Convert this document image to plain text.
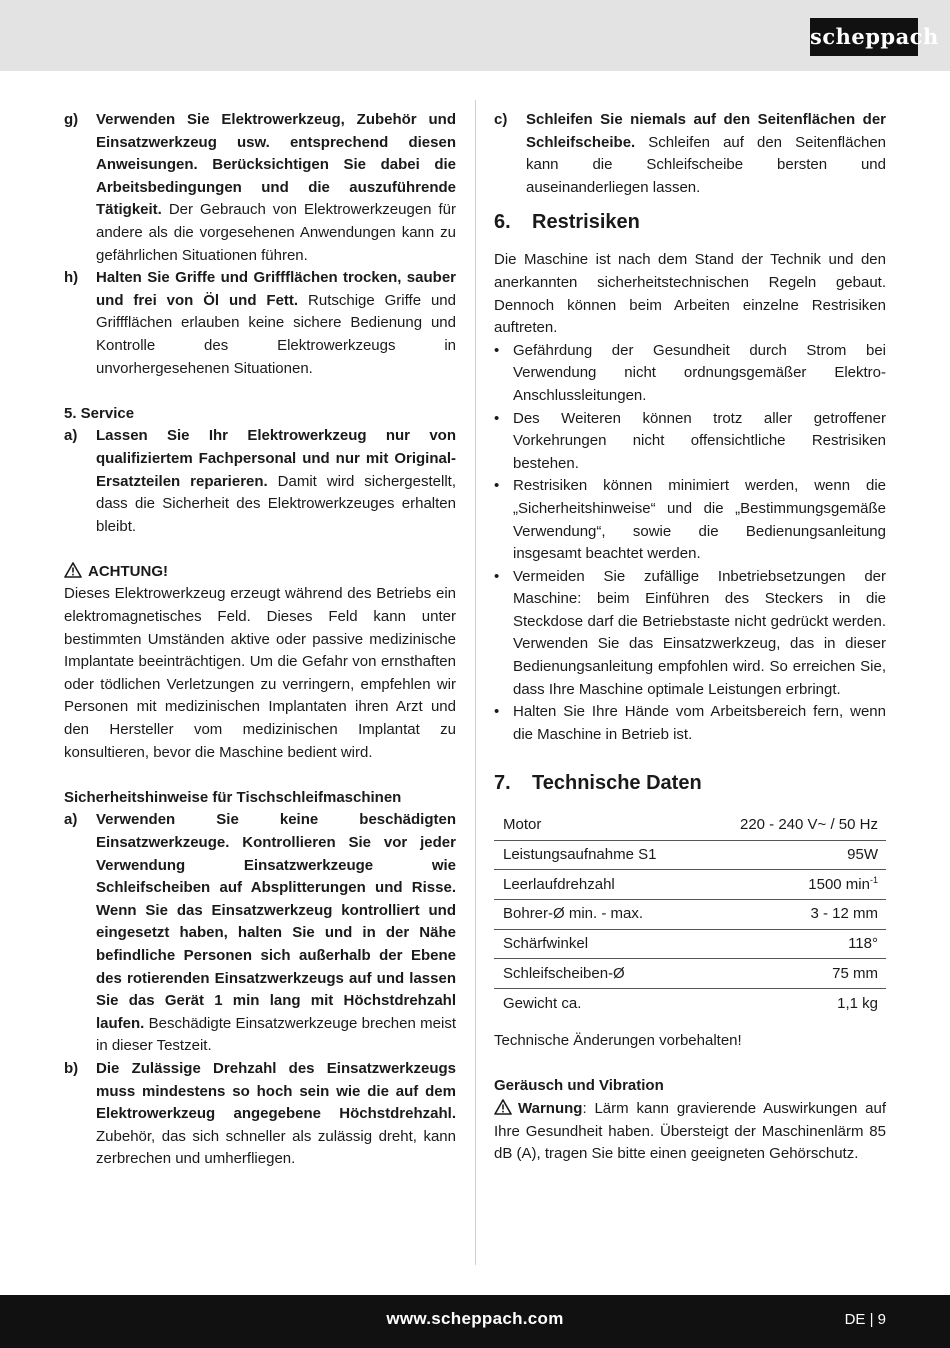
scheppach
g)	Verwenden Sie Elektrowerkzeug, Zubehör und Einsatzwerkzeug usw. entsprechend diesen Anweisungen. Berücksichtigen Sie dabei die Arbeitsbedingungen und die auszuführende Tätigkeit. Der Gebrauch von Elektrowerkzeugen für andere als die vorgesehenen Anwendungen kann zu gefährlichen Situationen führen.
h)	Halten Sie Griffe und Griffflächen trocken, sauber und frei von Öl und Fett. Rutschige Griffe und Griffflächen erlauben keine sichere Bedienung und Kontrolle des Elektrowerkzeugs in unvorhergesehenen Situationen.
5. Service
a)	Lassen Sie Ihr Elektrowerkzeug nur von qualifiziertem Fachpersonal und nur mit Original-Ersatzteilen reparieren. Damit wird sichergestellt, dass die Sicherheit des Elektrowerkzeuges erhalten bleibt.
ACHTUNG!

Dieses Elektrowerkzeug erzeugt während des Betriebs ein elektromagnetisches Feld. Dieses Feld kann unter bestimmten Umständen aktive oder passive medizinische Implantate beeinträchtigen. Um die Gefahr von ernsthaften oder tödlichen Verletzungen zu verringern, empfehlen wir Personen mit medizinischen Implantaten ihren Arzt und den Hersteller vom medizinischen Implantat zu konsultieren, bevor die Maschine bedient wird.

Sicherheitshinweise für Tischschleifmaschinen
a)	Verwenden Sie keine beschädigten Einsatzwerkzeuge. Kontrollieren Sie vor jeder Verwendung Einsatzwerkzeuge wie Schleifscheiben auf Absplitterungen und Risse. Wenn Sie das Einsatzwerkzeug kontrolliert und eingesetzt haben, halten Sie und in der Nähe befindliche Personen sich außerhalb der Ebene des rotierenden Einsatzwerkzeugs auf und lassen Sie das Gerät 1 min lang mit Höchstdrehzahl laufen. Beschädigte Einsatzwerkzeuge brechen meist in dieser Testzeit.
b)	Die Zulässige Drehzahl des Einsatzwerkzeugs muss mindestens so hoch sein wie die auf dem Elektrowerkzeug angegebene Höchstdrehzahl. Zubehör, das sich schneller als zulässig dreht, kann zerbrechen und umherfliegen.
c)	Schleifen Sie niemals auf den Seitenflächen der Schleifscheibe. Schleifen auf den Seitenflächen kann die Schleifscheibe bersten und auseinanderliegen lassen.
6.	Restrisiken

Die Maschine ist nach dem Stand der Technik und den anerkannten sicherheitstechnischen Regeln gebaut. Dennoch können beim Arbeiten einzelne Restrisiken auftreten.

• Gefährdung der Gesundheit durch Strom bei Verwendung nicht ordnungsgemäßer Elektro-Anschlussleitungen.
• Des Weiteren können trotz aller getroffener Vorkehrungen nicht offensichtliche Restrisiken bestehen.
• Restrisiken können minimiert werden, wenn die „Sicherheitshinweise“ und die „Bestimmungsgemäße Verwendung“, sowie die Bedienungsanleitung insgesamt beachtet werden.
• Vermeiden Sie zufällige Inbetriebsetzungen der Maschine: beim Einführen des Steckers in die Steckdose darf die Betriebstaste nicht gedrückt werden. Verwenden Sie das Einsatzwerkzeug, das in dieser Bedienungsanleitung empfohlen wird. So erreichen Sie, dass Ihre Maschine optimale Leistungen erbringt.
• Halten Sie Ihre Hände vom Arbeitsbereich fern, wenn die Maschine in Betrieb ist.
7.	Technische Daten
Motor	220 - 240 V~ / 50 Hz
Leistungsaufnahme S1	95W
Leerlaufdrehzahl	1500 $\min^{-1}$
Bohrer-Ø min. - max.	3 - 12 mm
Schärfwinkel	118°
Schleifscheiben-Ø	75 mm
Gewicht ca.	1,1 kg

Technische Änderungen vorbehalten!

Geräusch und Vibration

Warnung: Lärm kann gravierende Auswirkungen auf Ihre Gesundheit haben. Übersteigt der Maschinenlärm 85 dB (A), tragen Sie bitte einen geeigneten Gehörschutz.

www.scheppach.com	DE | 9
